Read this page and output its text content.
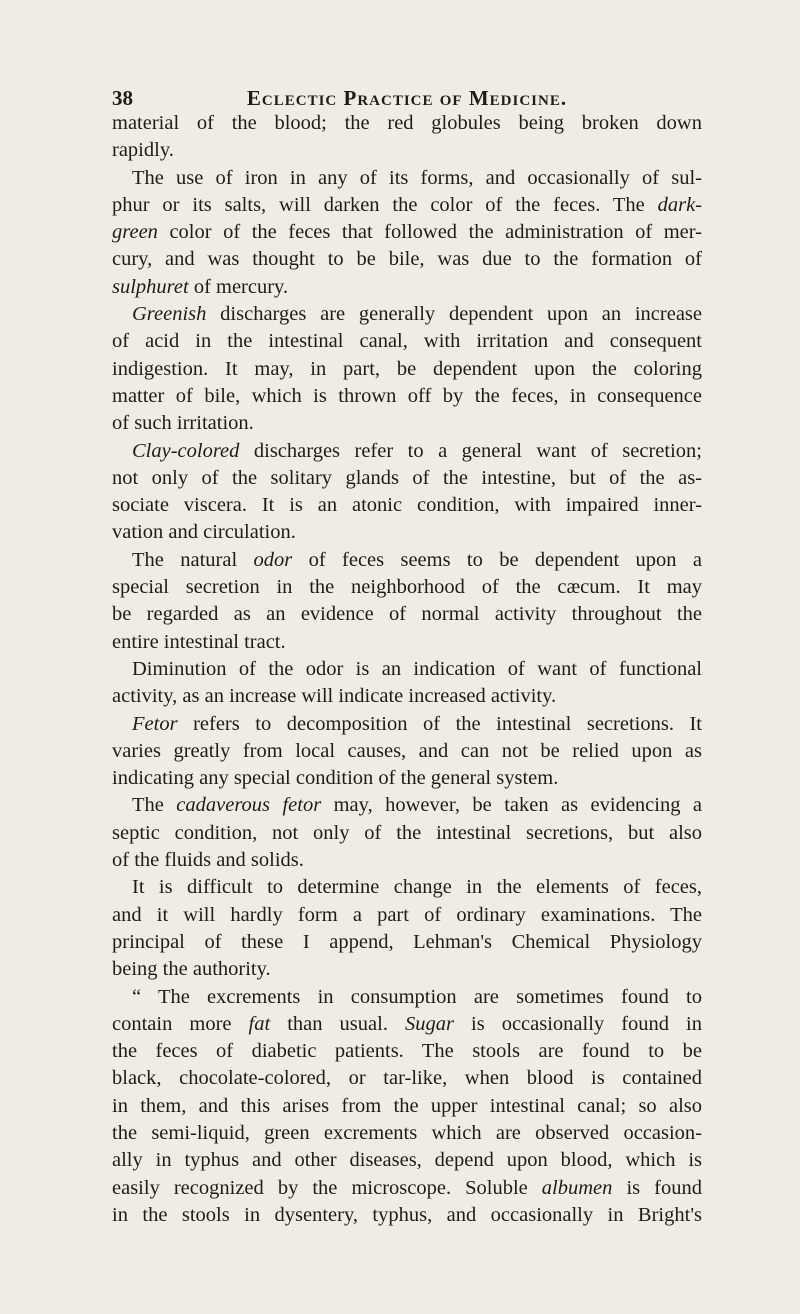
38	Eclectic Practice of Medicine.
material of the blood; the red globules being broken down
rapidly.
The use of iron in any of its forms, and occasionally of sul-
phur or its salts, will darken the color of the feces. The dark-
green color of the feces that followed the administration of mer-
cury, and was thought to be bile, was due to the formation of
sulphuret of mercury.
Greenish discharges are generally dependent upon an increase
of acid in the intestinal canal, with irritation and consequent
indigestion. It may, in part, be dependent upon the coloring
matter of bile, which is thrown off by the feces, in consequence
of such irritation.
Clay-colored discharges refer to a general want of secretion;
not only of the solitary glands of the intestine, but of the as-
sociate viscera. It is an atonic condition, with impaired inner-
vation and circulation.
The natural odor of feces seems to be dependent upon a
special secretion in the neighborhood of the cæcum. It may
be regarded as an evidence of normal activity throughout the
entire intestinal tract.
Diminution of the odor is an indication of want of functional
activity, as an increase will indicate increased activity.
Fetor refers to decomposition of the intestinal secretions. It
varies greatly from local causes, and can not be relied upon as
indicating any special condition of the general system.
The cadaverous fetor may, however, be taken as evidencing a
septic condition, not only of the intestinal secretions, but also
of the fluids and solids.
It is difficult to determine change in the elements of feces,
and it will hardly form a part of ordinary examinations. The
principal of these I append, Lehman's Chemical Physiology
being the authority.
“ The excrements in consumption are sometimes found to
contain more fat than usual. Sugar is occasionally found in
the feces of diabetic patients. The stools are found to be
black, chocolate-colored, or tar-like, when blood is contained
in them, and this arises from the upper intestinal canal; so also
the semi-liquid, green excrements which are observed occasion-
ally in typhus and other diseases, depend upon blood, which is
easily recognized by the microscope. Soluble albumen is found
in the stools in dysentery, typhus, and occasionally in Bright's
